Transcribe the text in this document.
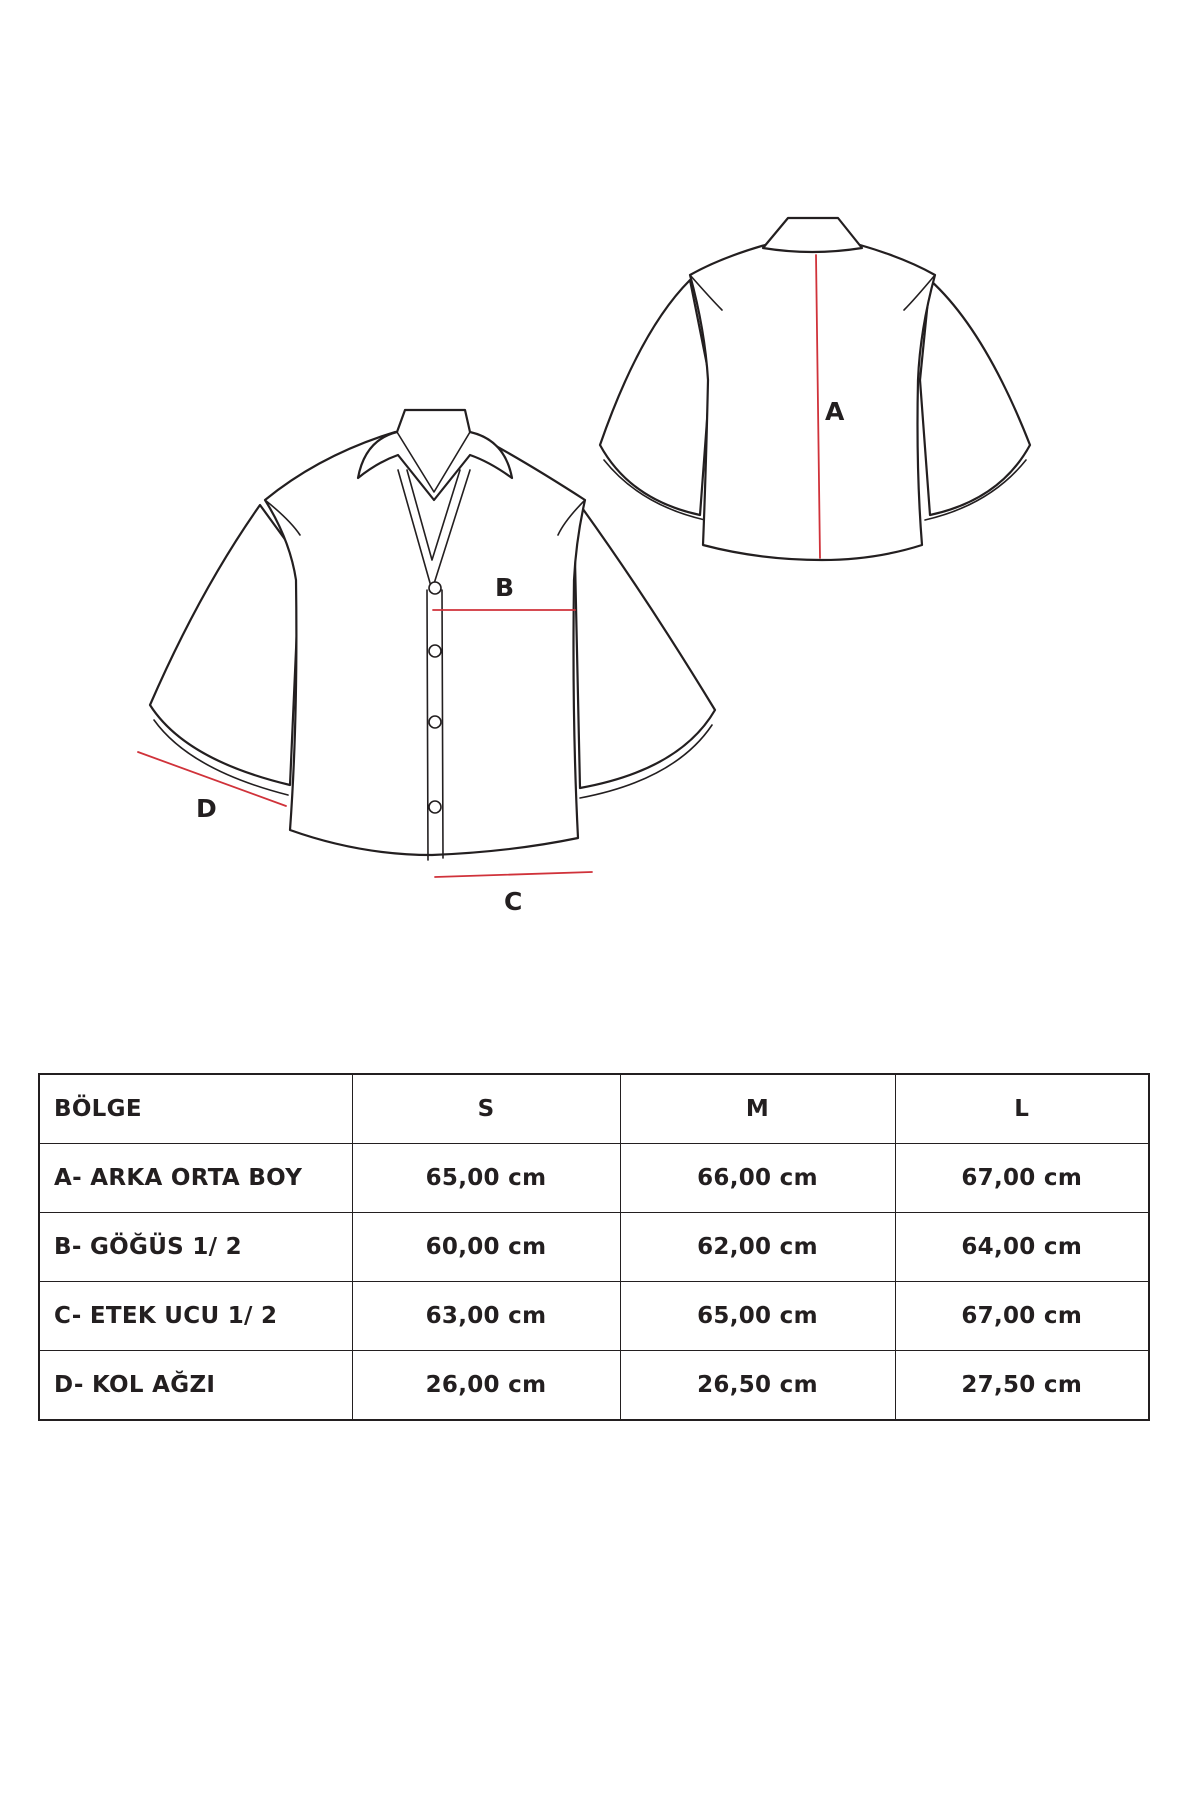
A
B
C
D
BÖLGE	S	M	L
A- ARKA ORTA BOY	65,00 cm	66,00 cm	67,00 cm
B- GÖĞÜS 1/ 2	60,00 cm	62,00 cm	64,00 cm
C- ETEK UCU 1/ 2	63,00 cm	65,00 cm	67,00 cm
D- KOL AĞZI	26,00 cm	26,50 cm	27,50 cm
